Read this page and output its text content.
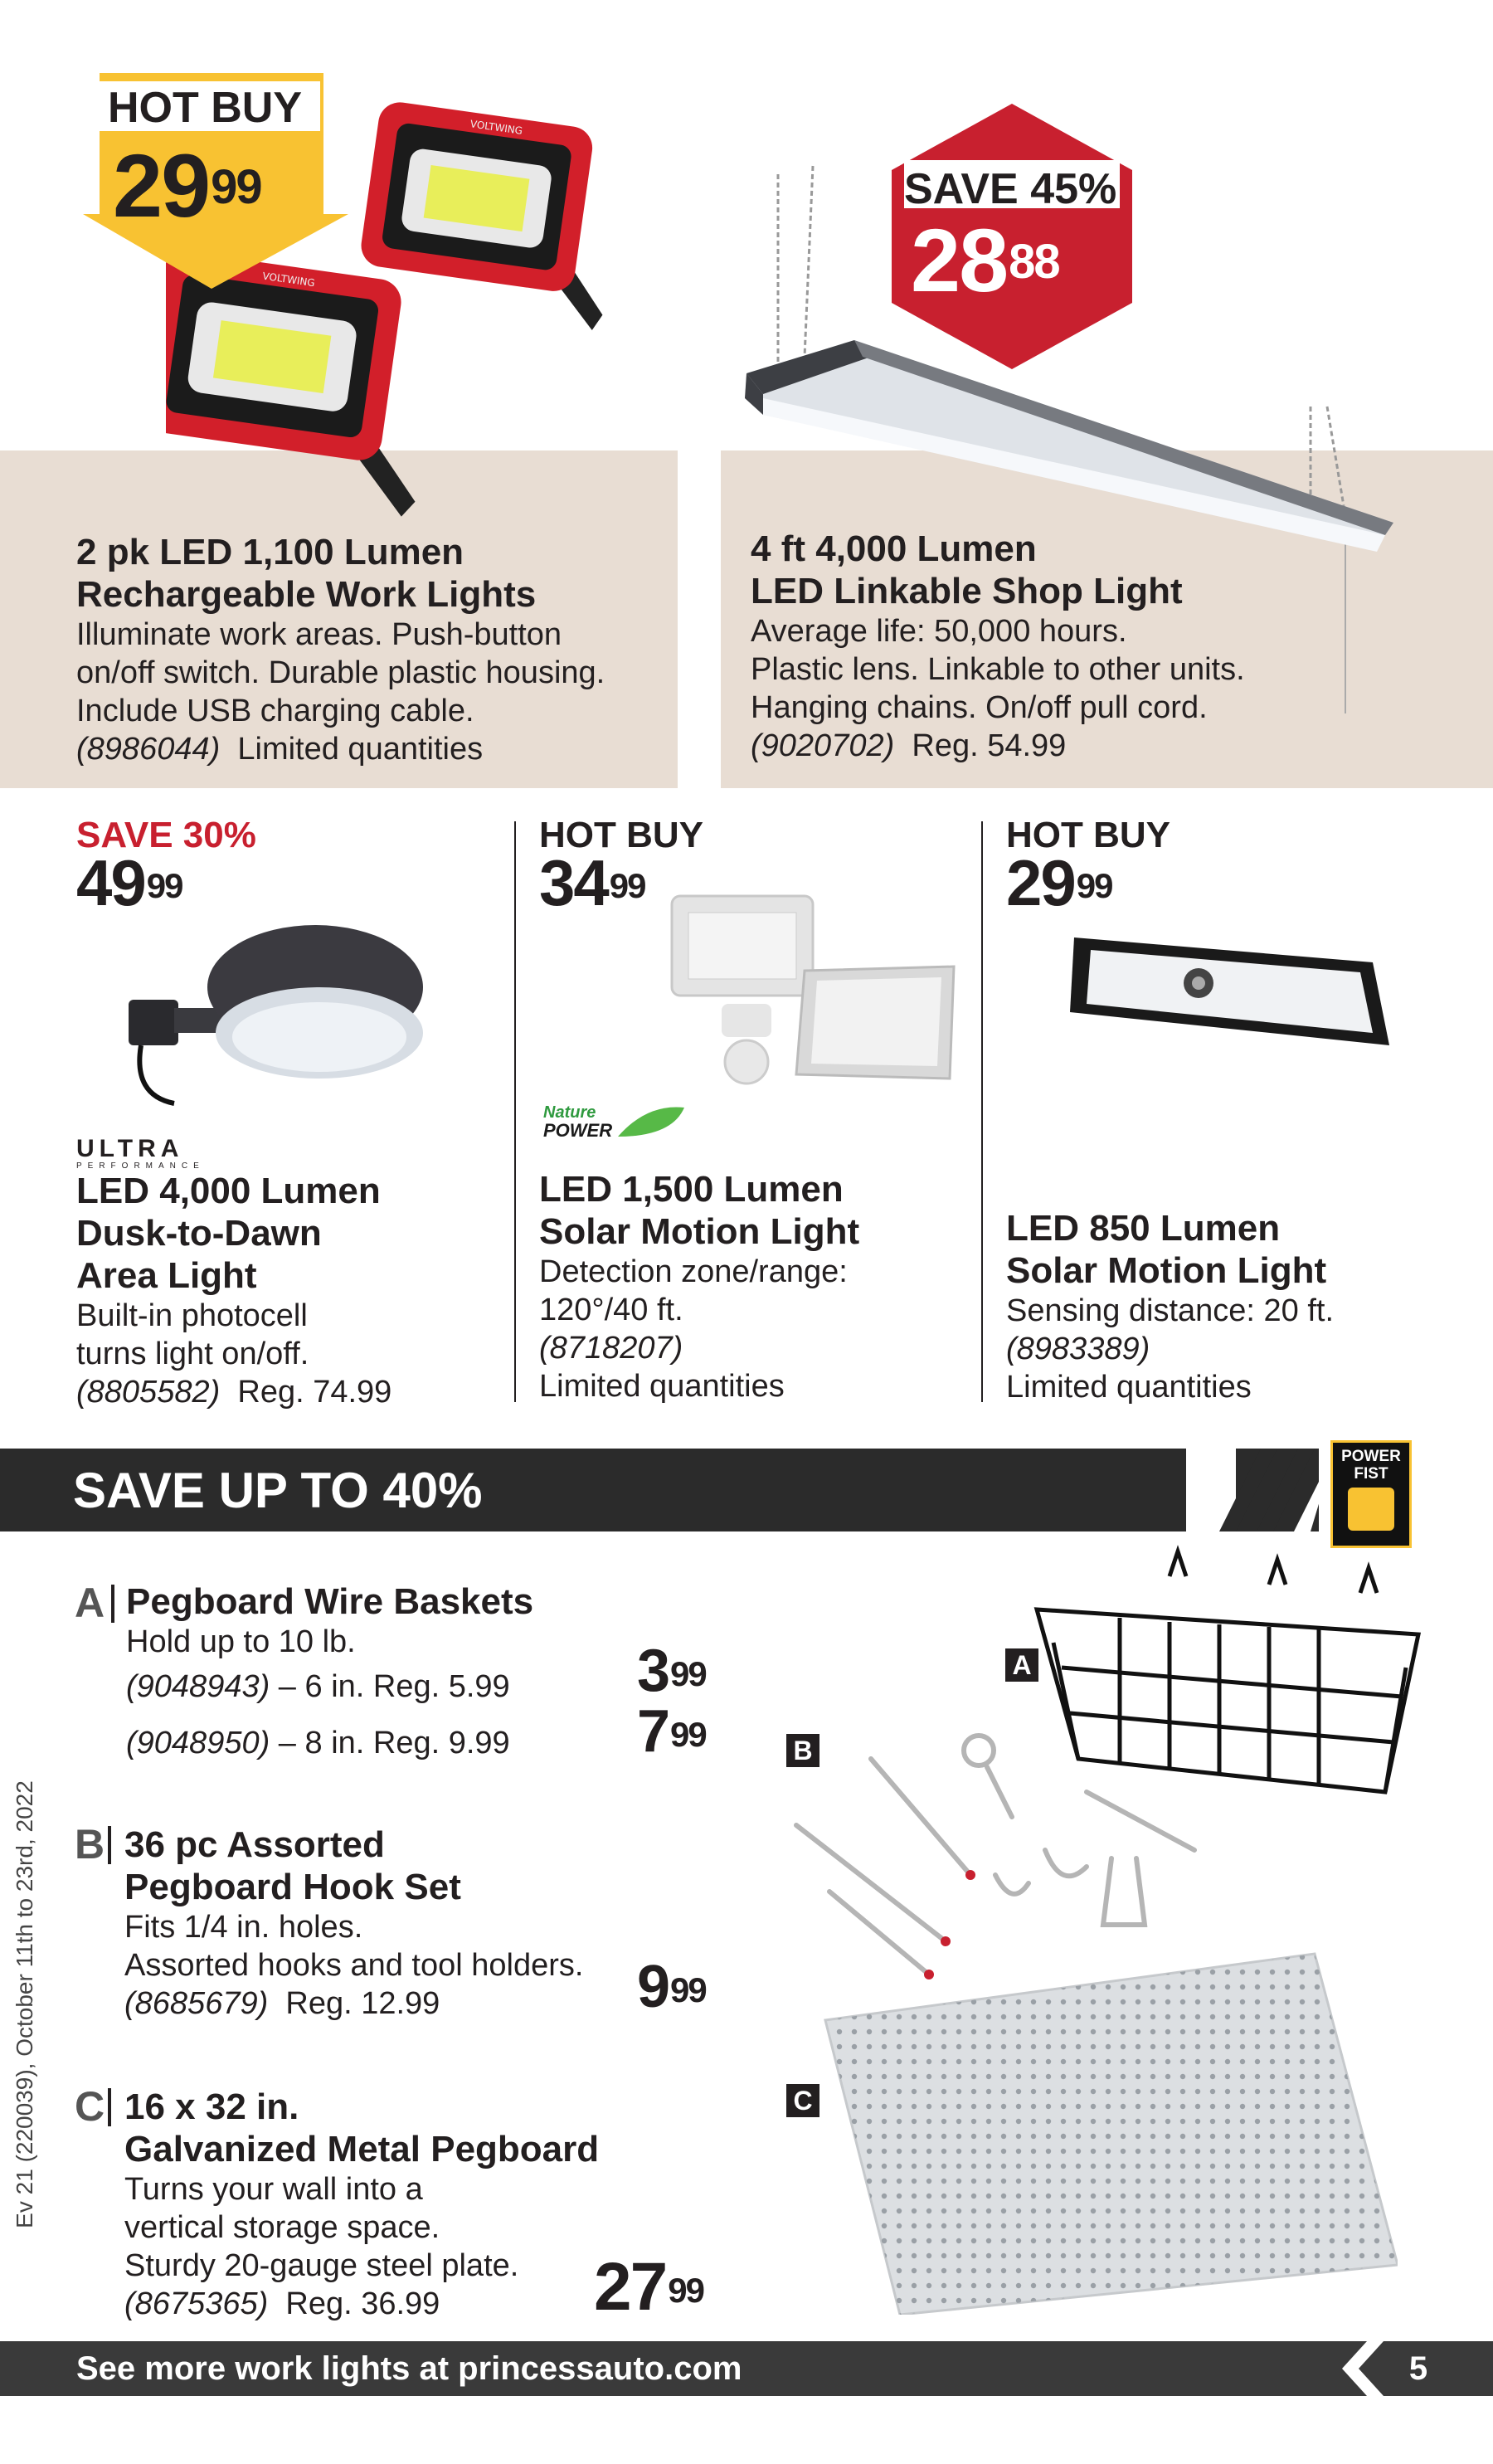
VOLTWING
VOLTWING
HOT BUY
$29^{99}$
2 pk LED 1,100 Lumen
Rechargeable Work Lights
Illuminate work areas. Push-button
on/off switch. Durable plastic housing.
Include USB charging cable.
(8986044) Limited quantities
SAVE 45%
$28^{88}$
4 ft 4,000 Lumen
LED Linkable Shop Light
Average life: 50,000 hours.
Plastic lens. Linkable to other units.
Hanging chains. On/off pull cord.
(9020702) Reg. 54.99
SAVE 30%
$49^{99}$
ULTRA
PERFORMANCE
LED 4,000 Lumen
Dusk-to-Dawn
Area Light
Built-in photocell
turns light on/off.
(8805582) Reg. 74.99
HOT BUY
$34^{99}$
Nature
POWER
LED 1,500 Lumen
Solar Motion Light
Detection zone/range:
120°/40 ft.
(8718207)
Limited quantities
HOT BUY
$29^{99}$
LED 850 Lumen
Solar Motion Light
Sensing distance: 20 ft.
(8983389)
Limited quantities
SAVE UP TO 40%
POWER
FIST
A Pegboard Wire Baskets
Hold up to 10 lb.
(9048943) – 6 in. Reg. 5.99
(9048950) – 8 in. Reg. 9.99
$3^{99}$
$7^{99}$
B 36 pc Assorted
Pegboard Hook Set
Fits 1/4 in. holes.
Assorted hooks and tool holders.
(8685679) Reg. 12.99	$9^{99}$
C 16 x 32 in.
Galvanized Metal Pegboard
Turns your wall into a
vertical storage space.
Sturdy 20-gauge steel plate.
(8675365) Reg. 36.99	$27^{99}$
A
B
C
Ev 21 (220039), October 11th to 23rd, 2022
See more work lights at princessauto.com	5
